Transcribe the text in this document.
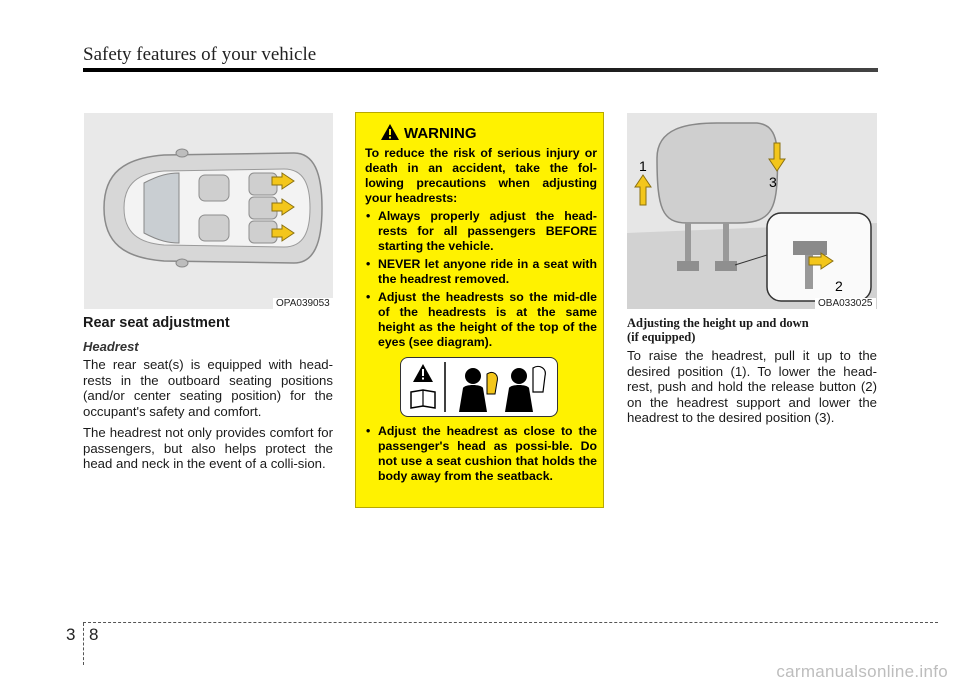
Safety features of your vehicle
OPA039053
Rear seat adjustment
Headrest

The rear seat(s) is equipped with head-rests in the outboard seating positions (and/or center seating position) for the occupant's safety and comfort.

The headrest not only provides comfort for passengers, but also helps protect the head and neck in the event of a colli-sion.

WARNING

To reduce the risk of serious injury or death in an accident, take the fol-lowing precautions when adjusting your headrests:

• Always properly adjust the head-rests for all passengers BEFORE starting the vehicle.
• NEVER let anyone ride in a seat with the headrest removed.
• Adjust the headrests so the mid-dle of the headrests is at the same height as the height of the top of the eyes (see diagram).
• Adjust the headrest as close to the passenger's head as possi-ble. Do not use a seat cushion that holds the body away from the seatback.
1
2
3
OBA033025
Adjusting the height up and down
(if equipped)

To raise the headrest, pull it up to the desired position (1). To lower the head-rest, push and hold the release button (2) on the headrest support and lower the headrest to the desired position (3).

3 8
carmanualsonline.info
